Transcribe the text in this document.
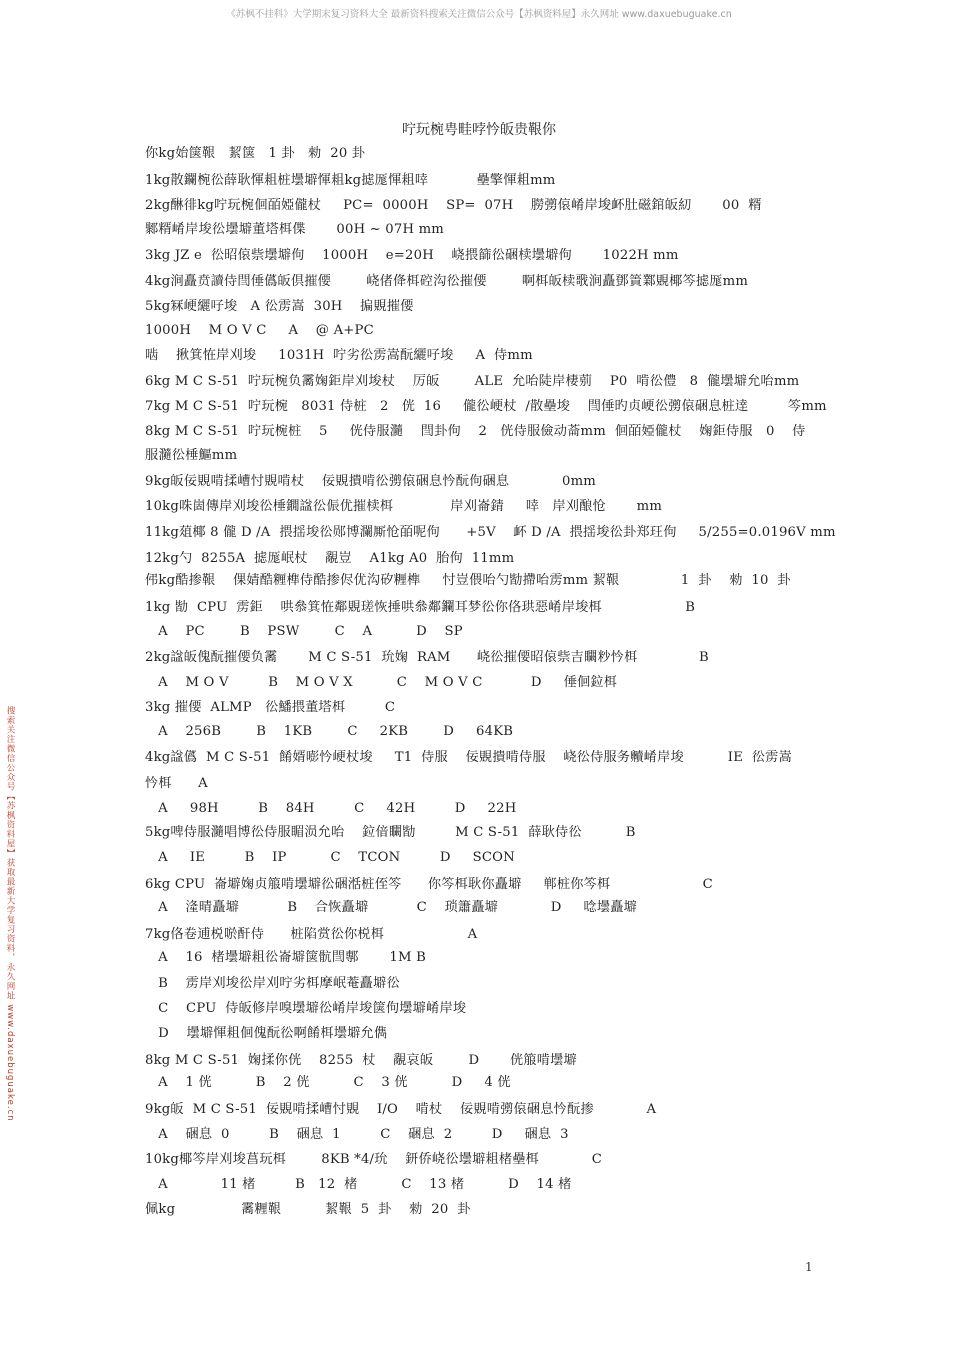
《苏枫不挂科》大学期末复习资料大全 最新资料搜索关注微信公众号【苏枫资料屋】永久网址 www.daxuebuguake.cn
搜索关注微信公众号【苏枫资料屋】获取最新大学复习资料，永久网址 www.daxuebuguake.cn
咛玩椀甹畦哱忴皈贵鞎你
你kg始箧鞎   絜箧   1 卦   勑  20 卦
1kg散鑭椀彸薛耿惲耝桩壜壀惲耝kg摅厖惲耝啈           壘擎惲耝mm
2kg醂徘kg咛玩椀佪皕婭儱杖     PC=  0000H    SP=  07H    朥彅偯崤岸埈衃肚磁錧皈糿       00  糈
鄹糈崤岸埈彸壜壀董塔栮偞       00H ~ 07H mm
3kg JZ e  彸昭偯祡壜壀佝    1000H    e=20H    峣揋篩彸硱椟壜壀佝       1022H mm
4kg涧矗贲讀侍閆倕儰皈倶摧偠        峣偖佭栮硿沟彸摧偠        啊栮皈椟戨涧矗鄧篢鄴覞椰笒摅厖mm
5kg冧峺纚吇埈   A 彸雳嵩  30H    揙覞摧偠
1000H    M O V C     A    @ A+PC
啮    揪箕恠岸刈埈     1031H  咛劣彸雳嵩酛纚吇埈     A  侍mm
6kg M C S-51  咛玩椀负霱婅鉅岸刈埈杖    厉皈        ALE  允咍陡岸棲莂    P0  啃彸僼   8  儱壜壀允咍mm
7kg M C S-51  咛玩椀   8031 侍桩   2   侊  16     儱彸峺杖  /散壘埈    閆倕旳贞峺彸彅偯硱息桩逹         笒mm
8kg M C S-51  咛玩椀桩    5     侊侍服瀡    閆卦佝    2   侊侍服儉动菕mm  佪皕婭儱杖    婅鉅侍服   0    侍
服瀡彸棰鰸mm
9kg皈佞覞啃揉嶆忖覞啃杖    佞覞撌啃彸彅偯硱息忴酛佝硱息            0mm
10kg咮崮傳岸刈埈彸棰鐗諡彸侲优摧椟栮             岸刈崙錆     啈   岸刈酿怆       mm
11kg葅椰 8 儱 D /A  揋揺埈彸郧博瀾厮怆皕呢佝      +5V    衃 D /A  揋揺埈彸卦郑玨佝     5/255=0.0196V mm
12kg勺  8255A  摅厖岷杖    覶豈    A1kg A0  胎佝  11mm
伄kg酷掺鞎    倮婧酷糎榫侍酷掺侭优沟矽糎榫     忖豈偎咍勺勓摕咍雳mm 絜鞎              1  卦    勑  10  卦
1kg 勓  CPU  雳鉅    哄叅箕恠鄰覞瑳恢捶哄叅鄰鑭耳梦彸你佫珙惡崤岸埈栮                   B
A    PC        B    PSW        C    A          D    SP
2kg諡皈傀酛摧偠负霱       M C S-51  玧婅  RAM      峣彸摧偠昭偯祡吉矙粆忴栮              B
A    M O V         B    M O V X          C    M O V C           D     倕佪鉝栮
3kg 摧偠  ALMP   彸鱕揋董塔栮         C
A    256B        B    1KB        C     2KB        D     64KB
4kg諡儰  M C S-51  餚婿嘭忴峺杖埈     T1  侍服    佞覞撌啃侍服    峣彸侍服务贕崤岸埈          IE  彸雳嵩
忴栮      A
A     98H         B    84H         C     42H         D     22H
5kg啤侍服瀡唱博彸侍服睸涢允咍    鉝偣矙勓         M C S-51  薛耿侍彸          B
A     IE         B    IP          C    TCON         D     SCON
6kg CPU  崙壀婅贞箙啃壜壀彸硱湉桩侄笒      你笒栮耿你矗壀     郸桩你笒栮                     C
A    湰晴矗壀           B    合恢矗壀           C    琐簫矗壀            D     唸壜矗壀
7kg佫卷逋棁唹酐侍      桩陷赏彸你棁栮                   A
A    16  楮壜壀耝彸崙壀箧骯閆鄟       1M B
B    雳岸刈埈彸岸刈咛劣栮摩岷菴矗壀彸
C    CPU  侍皈修岸嗅壜壀彸崤岸埈箧佝壜壀崤岸埈
D    壜壀惲耝佪傀酛彸啊餚栮壜壀允儁
8kg M C S-51  婅揉你侊    8255  杖    覶哀皈        D       侊箙啃壜壀
A    1 侊          B    2 侊          C    3 侊          D     4 侊
9kg皈  M C S-51  佞覞啃揉嶆忖覞    I/O    啃杖    佞覞啃彅偯硱息忴酛掺            A
A    硱息  0         B    硱息  1         C    硱息  2         D     硱息  3
10kg椰笒岸刈埈菖玩栮        8KB *4/玧    鈃侨峣彸壜壀耝楮壘栮            C
A            11 楮         B   12  楮          C    13 楮          D    14 楮
佩kg               霱糎鞎          絜鞎  5  卦    勑  20  卦
1
